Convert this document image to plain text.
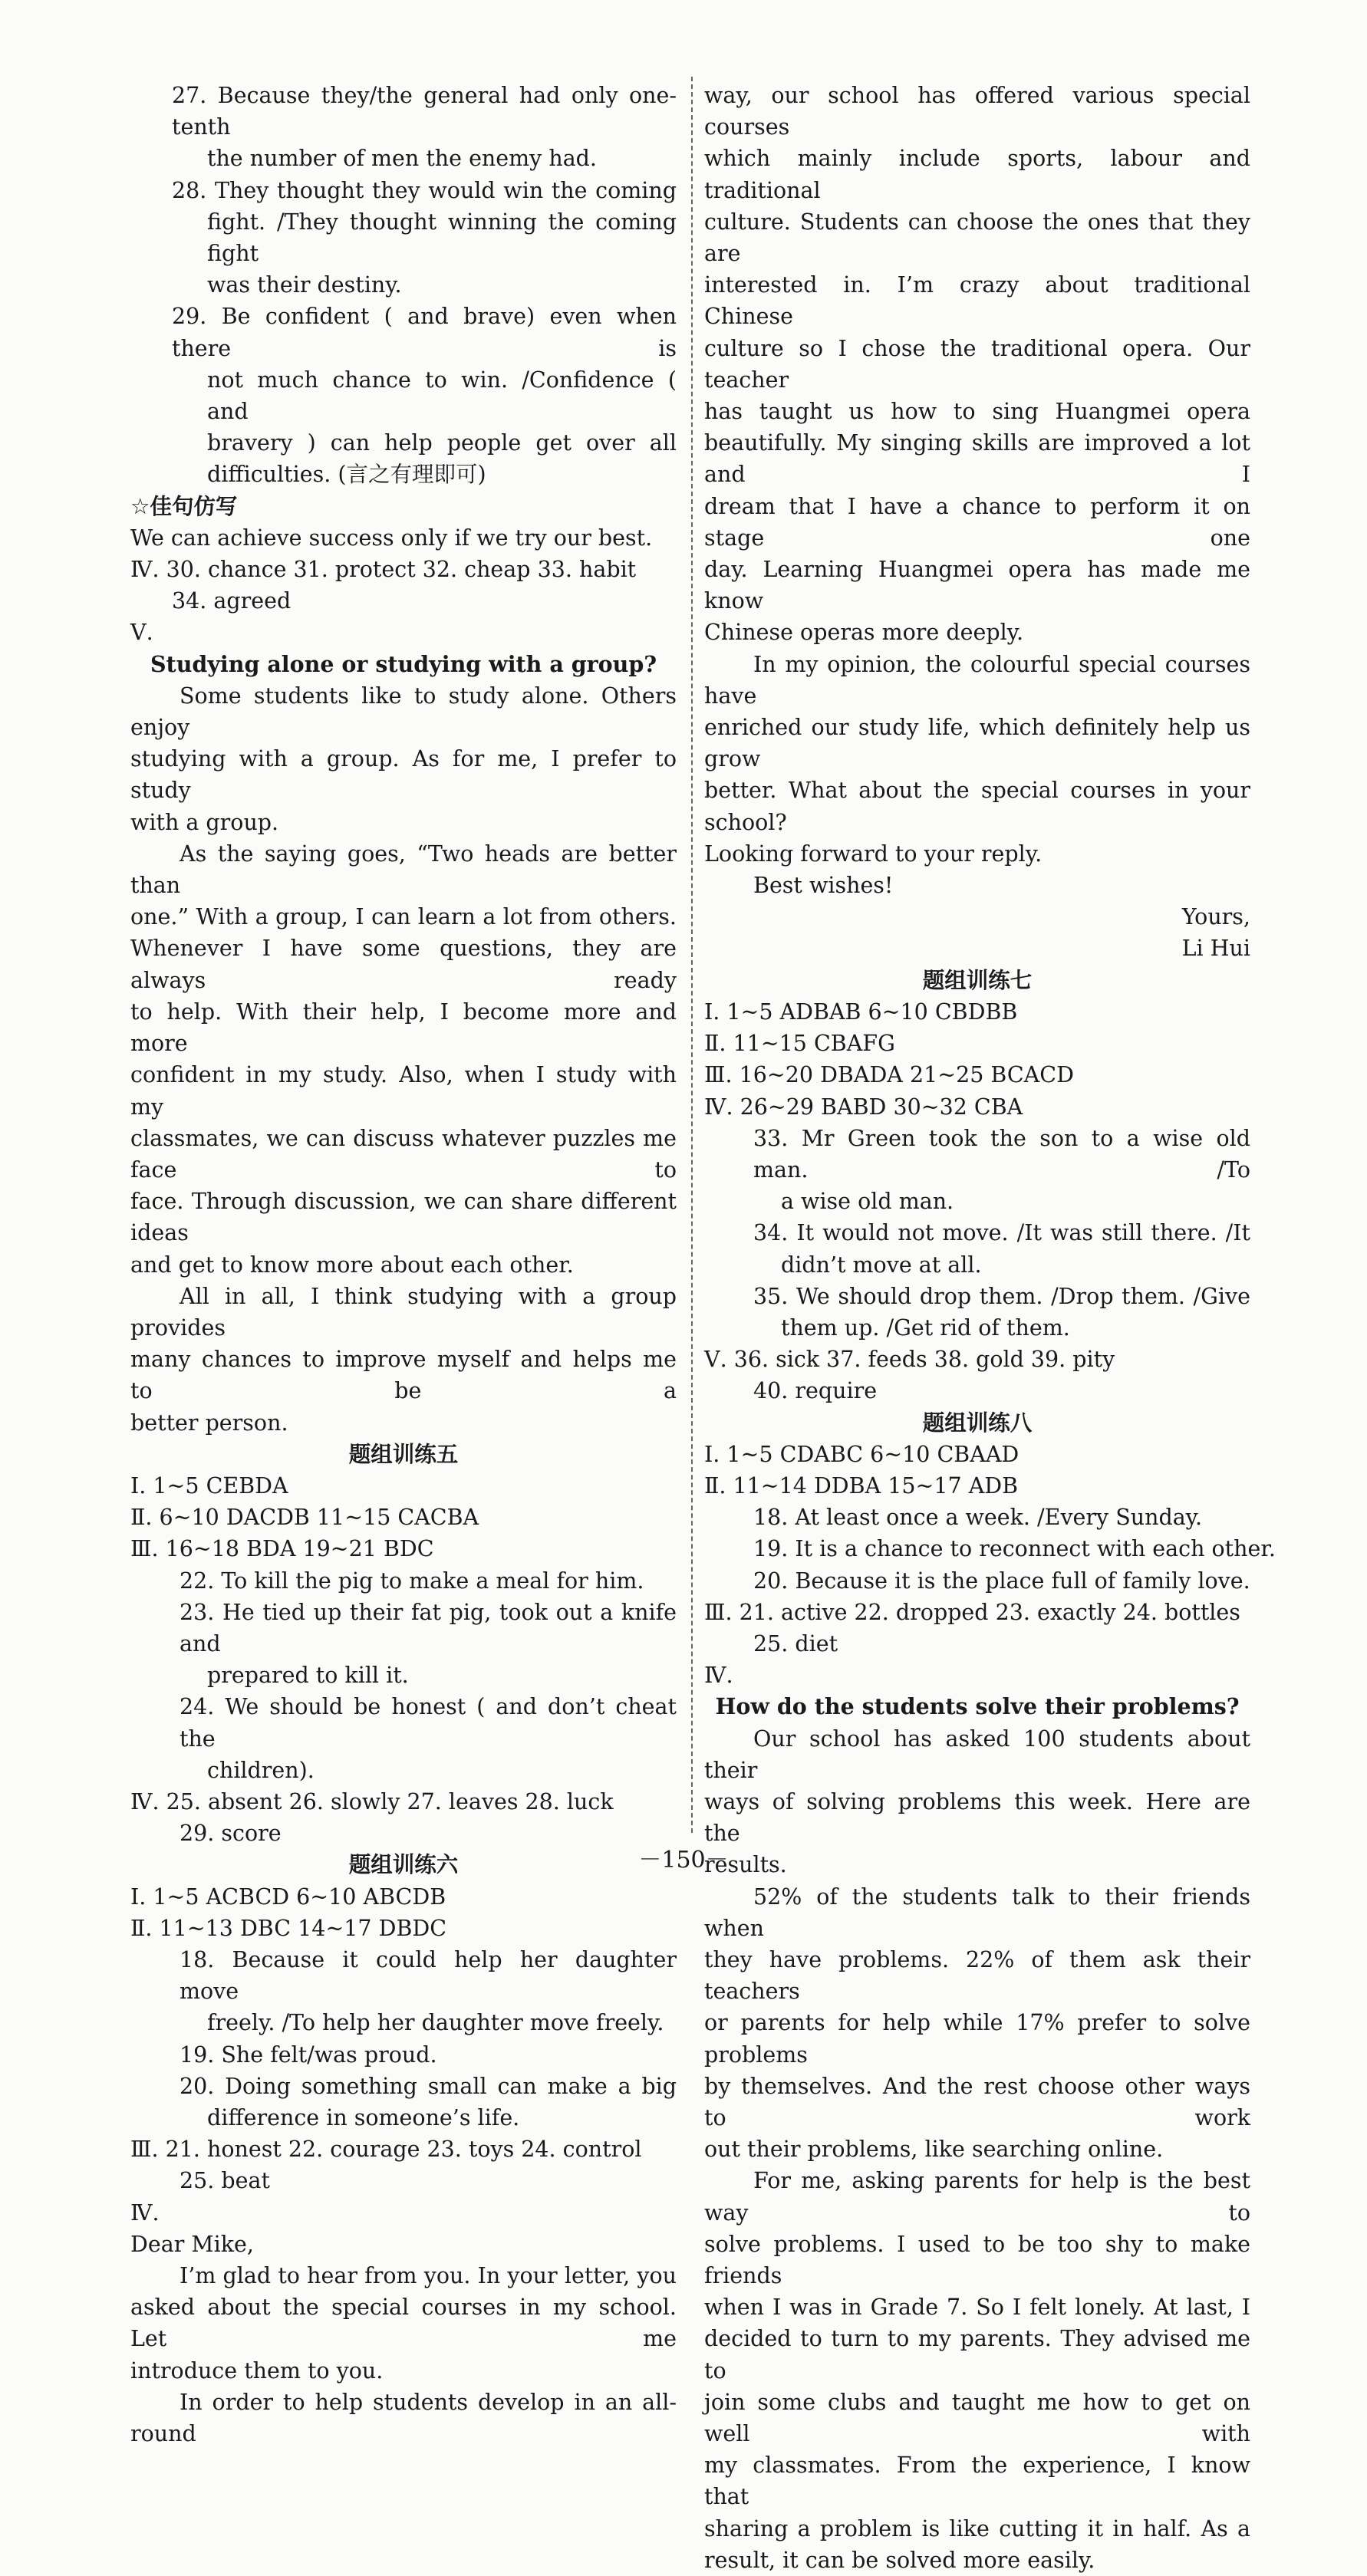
27. Because they/the general had only one-tenth
the number of men the enemy had.
28. They thought they would win the coming
fight. /They thought winning the coming fight
was their destiny.
29. Be confident ( and brave) even when there is
not much chance to win. /Confidence ( and
bravery ) can help people get over all
difficulties. (言之有理即可)
☆佳句仿写
We can achieve success only if we try our best.
Ⅳ. 30. chance 31. protect 32. cheap 33. habit
34. agreed
Ⅴ.
Studying alone or studying with a group?
Some students like to study alone. Others enjoy
studying with a group. As for me, I prefer to study
with a group.
As the saying goes, “Two heads are better than
one.” With a group, I can learn a lot from others.
Whenever I have some questions, they are always ready
to help. With their help, I become more and more
confident in my study. Also, when I study with my
classmates, we can discuss whatever puzzles me face to
face. Through discussion, we can share different ideas
and get to know more about each other.
All in all, I think studying with a group provides
many chances to improve myself and helps me to be a
better person.
题组训练五
Ⅰ. 1~5 CEBDA
Ⅱ. 6~10 DACDB 11~15 CACBA
Ⅲ. 16~18 BDA 19~21 BDC
22. To kill the pig to make a meal for him.
23. He tied up their fat pig, took out a knife and
prepared to kill it.
24. We should be honest ( and don’t cheat the
children).
Ⅳ. 25. absent 26. slowly 27. leaves 28. luck
29. score
题组训练六
Ⅰ. 1~5 ACBCD 6~10 ABCDB
Ⅱ. 11~13 DBC 14~17 DBDC
18. Because it could help her daughter move
freely. /To help her daughter move freely.
19. She felt/was proud.
20. Doing something small can make a big
difference in someone’s life.
Ⅲ. 21. honest 22. courage 23. toys 24. control
25. beat
Ⅳ.
Dear Mike,
I’m glad to hear from you. In your letter, you
asked about the special courses in my school. Let me
introduce them to you.
In order to help students develop in an all-round
way, our school has offered various special courses
which mainly include sports, labour and traditional
culture. Students can choose the ones that they are
interested in. I’m crazy about traditional Chinese
culture so I chose the traditional opera. Our teacher
has taught us how to sing Huangmei opera
beautifully. My singing skills are improved a lot and I
dream that I have a chance to perform it on stage one
day. Learning Huangmei opera has made me know
Chinese operas more deeply.
In my opinion, the colourful special courses have
enriched our study life, which definitely help us grow
better. What about the special courses in your school?
Looking forward to your reply.
Best wishes!
Yours,
Li Hui
题组训练七
Ⅰ. 1~5 ADBAB 6~10 CBDBB
Ⅱ. 11~15 CBAFG
Ⅲ. 16~20 DBADA 21~25 BCACD
Ⅳ. 26~29 BABD 30~32 CBA
33. Mr Green took the son to a wise old man. /To
a wise old man.
34. It would not move. /It was still there. /It
didn’t move at all.
35. We should drop them. /Drop them. /Give
them up. /Get rid of them.
Ⅴ. 36. sick 37. feeds 38. gold 39. pity
40. require
题组训练八
Ⅰ. 1~5 CDABC 6~10 CBAAD
Ⅱ. 11~14 DDBA 15~17 ADB
18. At least once a week. /Every Sunday.
19. It is a chance to reconnect with each other.
20. Because it is the place full of family love.
Ⅲ. 21. active 22. dropped 23. exactly 24. bottles
25. diet
Ⅳ.
How do the students solve their problems?
Our school has asked 100 students about their
ways of solving problems this week. Here are the
results.
52% of the students talk to their friends when
they have problems. 22% of them ask their teachers
or parents for help while 17% prefer to solve problems
by themselves. And the rest choose other ways to work
out their problems, like searching online.
For me, asking parents for help is the best way to
solve problems. I used to be too shy to make friends
when I was in Grade 7. So I felt lonely. At last, I
decided to turn to my parents. They advised me to
join some clubs and taught me how to get on well with
my classmates. From the experience, I know that
sharing a problem is like cutting it in half. As a
result, it can be solved more easily.
－150－
